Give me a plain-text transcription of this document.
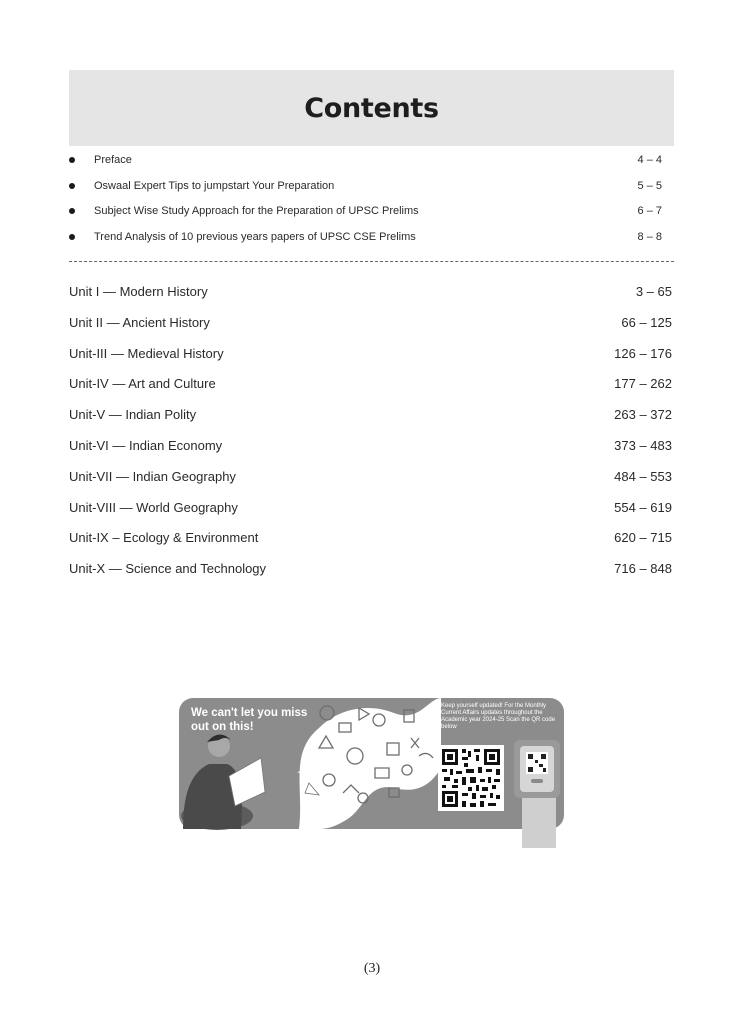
Contents
Preface	4 – 4
Oswaal Expert Tips to jumpstart Your Preparation	5 – 5
Subject Wise Study Approach for the Preparation of UPSC Prelims	6 – 7
Trend Analysis of 10 previous years papers of UPSC CSE Prelims	8 – 8
Unit I — Modern History	3 – 65
Unit II — Ancient History	66 – 125
Unit-III — Medieval History	126 – 176
Unit-IV — Art and Culture	177 – 262
Unit-V — Indian Polity	263 – 372
Unit-VI — Indian Economy	373 – 483
Unit-VII — Indian Geography	484 – 553
Unit-VIII — World Geography	554 – 619
Unit-IX – Ecology & Environment	620 – 715
Unit-X — Science and Technology	716 – 848
We can't let you miss out on this!
Keep yourself updated! For the Monthly Current Affairs updates throughout the Academic year 2024-25 Scan the QR code below
(3)
